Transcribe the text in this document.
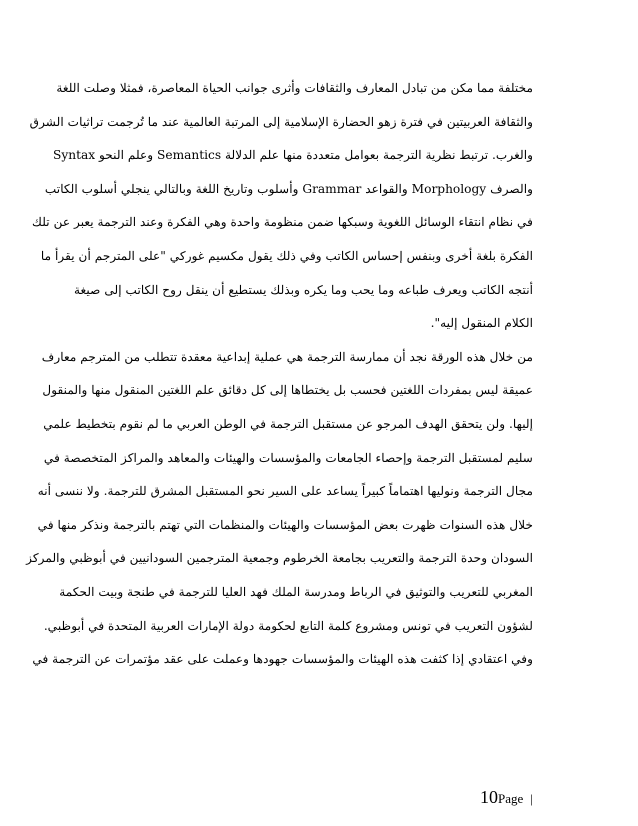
مختلفة مما مكن من تبادل المعارف والثقافات وأثرى جوانب الحياة المعاصرة، فمثلا وصلت اللغة
والثقافة العربيتين في فترة زهو الحضارة الإسلامية إلى المرتبة العالمية عند ما تُرجمت تراثيات الشرق
والغرب. ترتبط نظرية الترجمة بعوامل متعددة منها علم الدلالة Semantics وعلم النحو Syntax
والصرف Morphology والقواعد Grammar وأسلوب وتاريخ اللغة وبالتالي ينجلي أسلوب الكاتب
في نظام انتقاء الوسائل اللغوية وسبكها ضمن منظومة واحدة وهي الفكرة وعند الترجمة يعبر عن تلك
الفكرة بلغة أخرى وبنفس إحساس الكاتب وفي ذلك يقول مكسيم غوركي "على المترجم أن يقرأ ما
أنتجه الكاتب ويعرف طباعه وما يحب وما يكره وبذلك يستطيع أن ينقل روح الكاتب إلى صيغة
الكلام المنقول إليه".
من خلال هذه الورقة نجد أن ممارسة الترجمة هي عملية إبداعية معقدة تتطلب من المترجم معارف
عميقة ليس بمفردات اللغتين فحسب بل يختطاها إلى كل دقائق علم اللغتين المنقول منها والمنقول
إليها. ولن يتحقق الهدف المرجو عن مستقبل الترجمة في الوطن العربي ما لم نقوم بتخطيط علمي
سليم لمستقبل الترجمة وإحصاء الجامعات والمؤسسات والهيئات والمعاهد والمراكز المتخصصة في
مجال الترجمة ونوليها اهتماماً كبيراً يساعد على السير نحو المستقبل المشرق للترجمة. ولا ننسى أنه
خلال هذه السنوات ظهرت بعض المؤسسات والهيئات والمنظمات التي تهتم بالترجمة ونذكر منها في
السودان وحدة الترجمة والتعريب بجامعة الخرطوم وجمعية المترجمين السودانيين في أبوظبي والمركز
المغربي للتعريب والتوثيق في الرباط ومدرسة الملك فهد العليا للترجمة في طنجة وبيت الحكمة
لشؤون التعريب في تونس ومشروع كلمة التابع لحكومة دولة الإمارات العربية المتحدة في أبوظبي.
وفي اعتقادي إذا كثفت هذه الهيئات والمؤسسات جهودها وعملت على عقد مؤتمرات عن الترجمة في
10Page |
